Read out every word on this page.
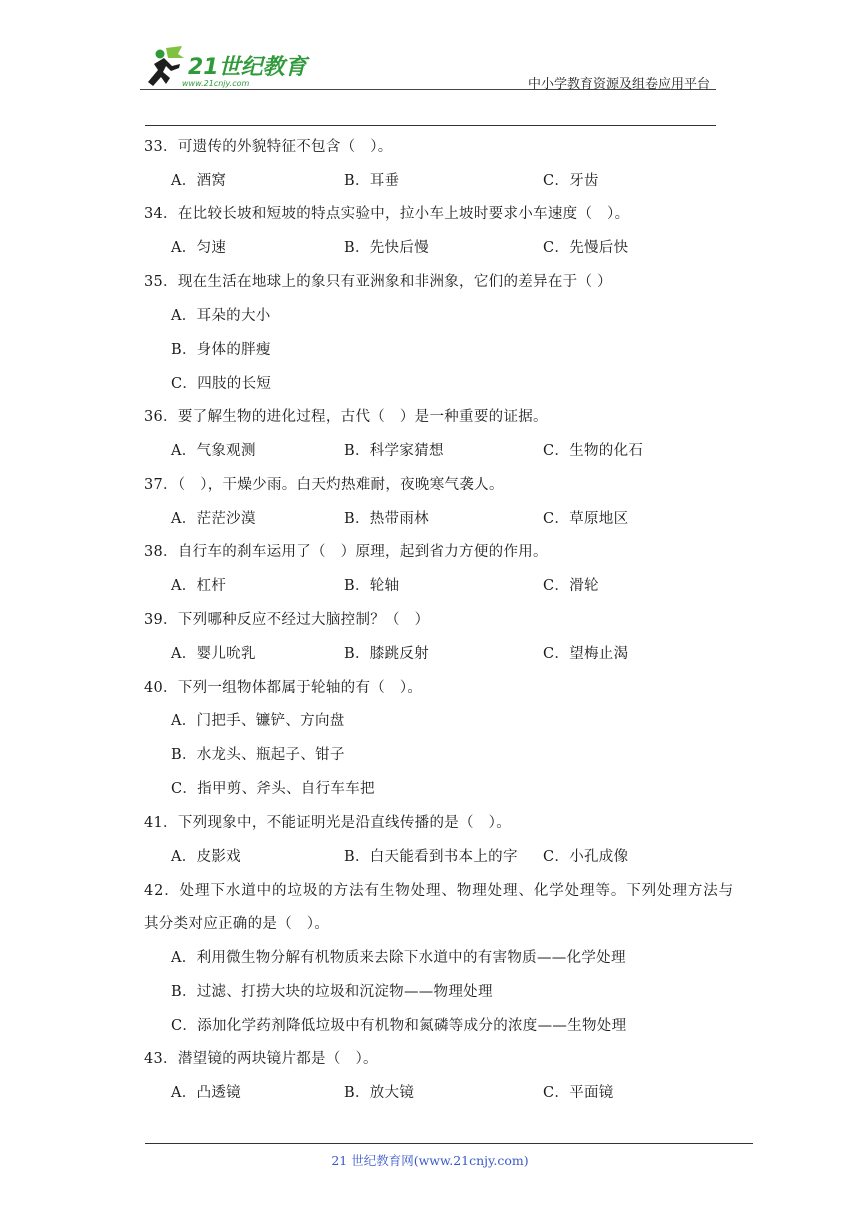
21世纪教育
www.21cnjy.com	中小学教育资源及组卷应用平台
33．可遗传的外貌特征不包含（　）。
A．酒窝	B．耳垂	C．牙齿
34．在比较长坡和短坡的特点实验中，拉小车上坡时要求小车速度（　）。
A．匀速	B．先快后慢	C．先慢后快
35．现在生活在地球上的象只有亚洲象和非洲象，它们的差异在于（ ）
A．耳朵的大小
B．身体的胖瘦
C．四肢的长短
36．要了解生物的进化过程，古代（　）是一种重要的证据。
A．气象观测	B．科学家猜想	C．生物的化石
37．（　），干燥少雨。白天灼热难耐，夜晚寒气袭人。
A．茫茫沙漠	B．热带雨林	C．草原地区
38．自行车的刹车运用了（　）原理，起到省力方便的作用。
A．杠杆	B．轮轴	C．滑轮
39．下列哪种反应不经过大脑控制？（　）
A．婴儿吮乳	B．膝跳反射	C．望梅止渴
40．下列一组物体都属于轮轴的有（　）。
A．门把手、镰铲、方向盘
B．水龙头、瓶起子、钳子
C．指甲剪、斧头、自行车车把
41．下列现象中，不能证明光是沿直线传播的是（　）。
A．皮影戏	B．白天能看到书本上的字 C．小孔成像
42．处理下水道中的垃圾的方法有生物处理、物理处理、化学处理等。下列处理方法与
其分类对应正确的是（　）。
A．利用微生物分解有机物质来去除下水道中的有害物质——化学处理
B．过滤、打捞大块的垃圾和沉淀物——物理处理
C．添加化学药剂降低垃圾中有机物和氮磷等成分的浓度——生物处理
43．潜望镜的两块镜片都是（　）。
A．凸透镜	B．放大镜	C．平面镜
21 世纪教育网(www.21cnjy.com)
